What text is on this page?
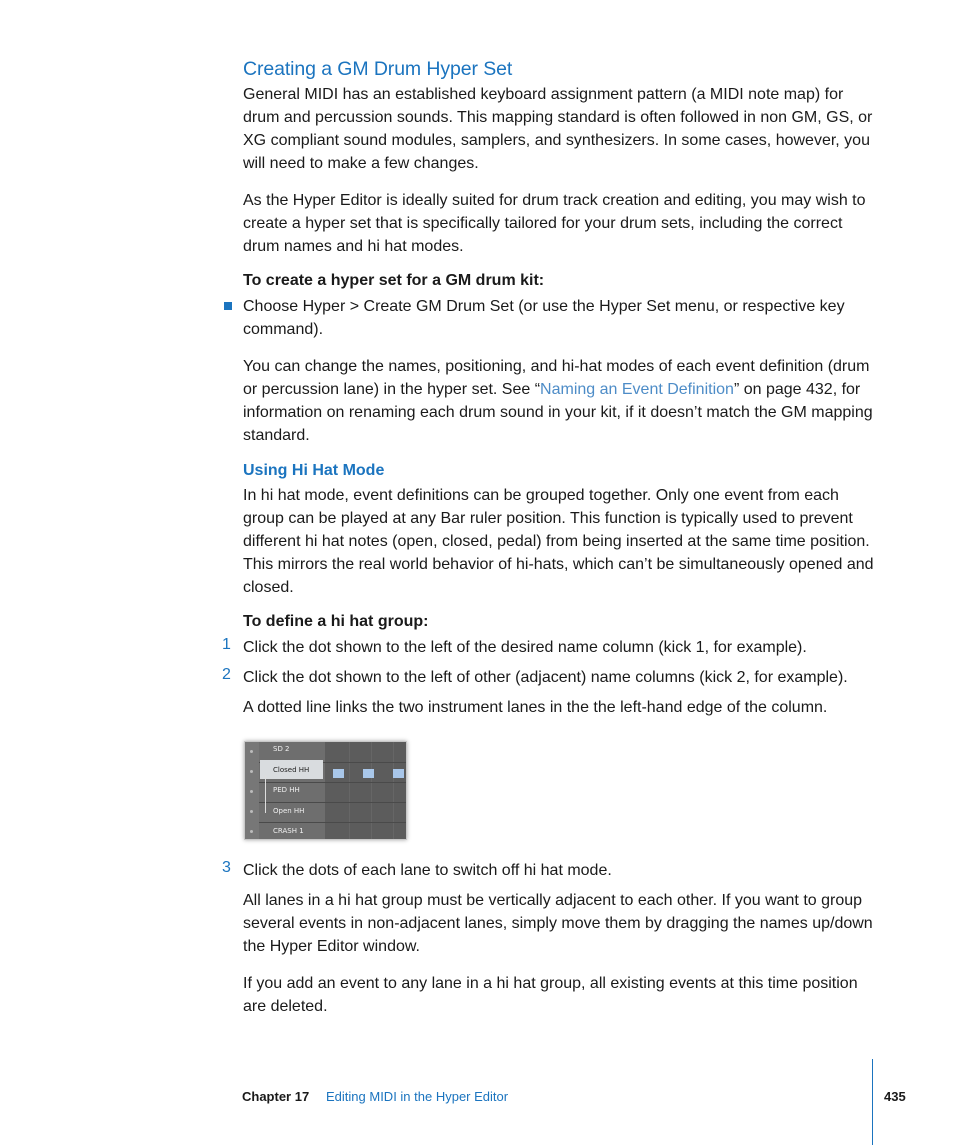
Creating a GM Drum Hyper Set

General MIDI has an established keyboard assignment pattern (a MIDI note map) for drum and percussion sounds. This mapping standard is often followed in non GM, GS, or XG compliant sound modules, samplers, and synthesizers. In some cases, however, you will need to make a few changes.

As the Hyper Editor is ideally suited for drum track creation and editing, you may wish to create a hyper set that is specifically tailored for your drum sets, including the correct drum names and hi hat modes.

To create a hyper set for a GM drum kit:

Choose Hyper > Create GM Drum Set (or use the Hyper Set menu, or respective key command).

You can change the names, positioning, and hi-hat modes of each event definition (drum or percussion lane) in the hyper set. See “Naming an Event Definition” on page 432, for information on renaming each drum sound in your kit, if it doesn’t match the GM mapping standard.

Using Hi Hat Mode

In hi hat mode, event definitions can be grouped together. Only one event from each group can be played at any Bar ruler position. This function is typically used to prevent different hi hat notes (open, closed, pedal) from being inserted at the same time position. This mirrors the real world behavior of hi-hats, which can’t be simultaneously opened and closed.

To define a hi hat group:
1 Click the dot shown to the left of the desired name column (kick 1, for example).

2 Click the dot shown to the left of other (adjacent) name columns (kick 2, for example).

A dotted line links the two instrument lanes in the the left-hand edge of the column.

SD 2
Closed HH
PED HH
Open HH
CRASH 1
3 Click the dots of each lane to switch off hi hat mode.

All lanes in a hi hat group must be vertically adjacent to each other. If you want to group several events in non-adjacent lanes, simply move them by dragging the names up/down the Hyper Editor window.

If you add an event to any lane in a hi hat group, all existing events at this time position are deleted.

Chapter 17 Editing MIDI in the Hyper Editor	435
